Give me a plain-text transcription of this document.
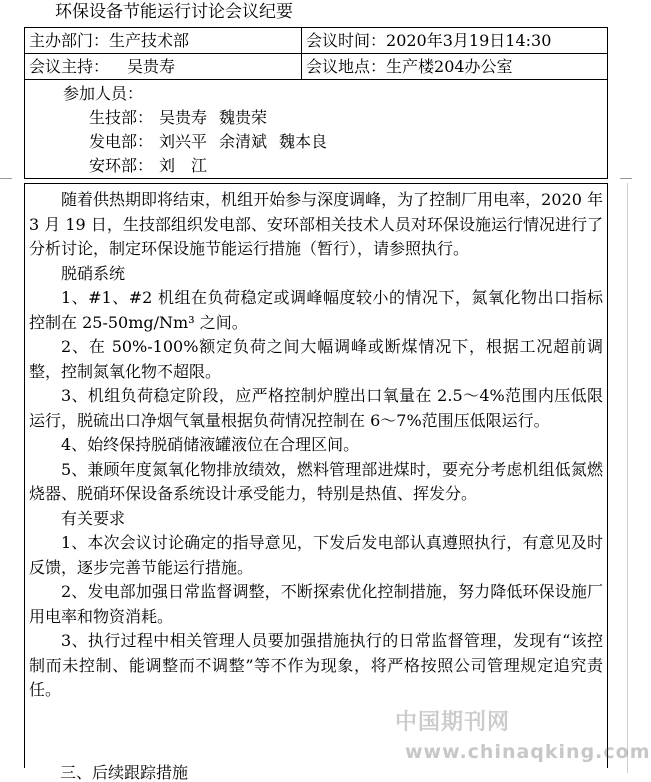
环保设备节能运行讨论会议纪要
主办部门：生产技术部	会议时间：2020年3月19日14:30
会议主持： 吴贵寿	会议地点：生产楼204办公室
参加人员：
生技部： 吴贵寿 魏贵荣
发电部： 刘兴平 余清斌 魏本良
安环部： 刘　江

随着供热期即将结束，机组开始参与深度调峰，为了控制厂用电率，2020 年 3 月 19 日，生技部组织发电部、安环部相关技术人员对环保设施运行情况进行了分析讨论，制定环保设施节能运行措施（暂行），请参照执行。

脱硝系统

1、#1、#2 机组在负荷稳定或调峰幅度较小的情况下，氮氧化物出口指标控制在 25-50mg/Nm³ 之间。

2、在 50%-100%额定负荷之间大幅调峰或断煤情况下，根据工况超前调整，控制氮氧化物不超限。

3、机组负荷稳定阶段，应严格控制炉膛出口氧量在 2.5～4%范围内压低限运行，脱硫出口净烟气氧量根据负荷情况控制在 6～7%范围压低限运行。

4、始终保持脱硝储液罐液位在合理区间。

5、兼顾年度氮氧化物排放绩效，燃料管理部进煤时，要充分考虑机组低氮燃烧器、脱硝环保设备系统设计承受能力，特别是热值、挥发分。

有关要求

1、本次会议讨论确定的指导意见，下发后发电部认真遵照执行，有意见及时反馈，逐步完善节能运行措施。

2、发电部加强日常监督调整，不断探索优化控制措施，努力降低环保设施厂用电率和物资消耗。

3、执行过程中相关管理人员要加强措施执行的日常监督管理，发现有“该控制而未控制、能调整而不调整”等不作为现象，将严格按照公司管理规定追究责任。

三、后续跟踪措施
中国期刊网
www.chinaqking.com
